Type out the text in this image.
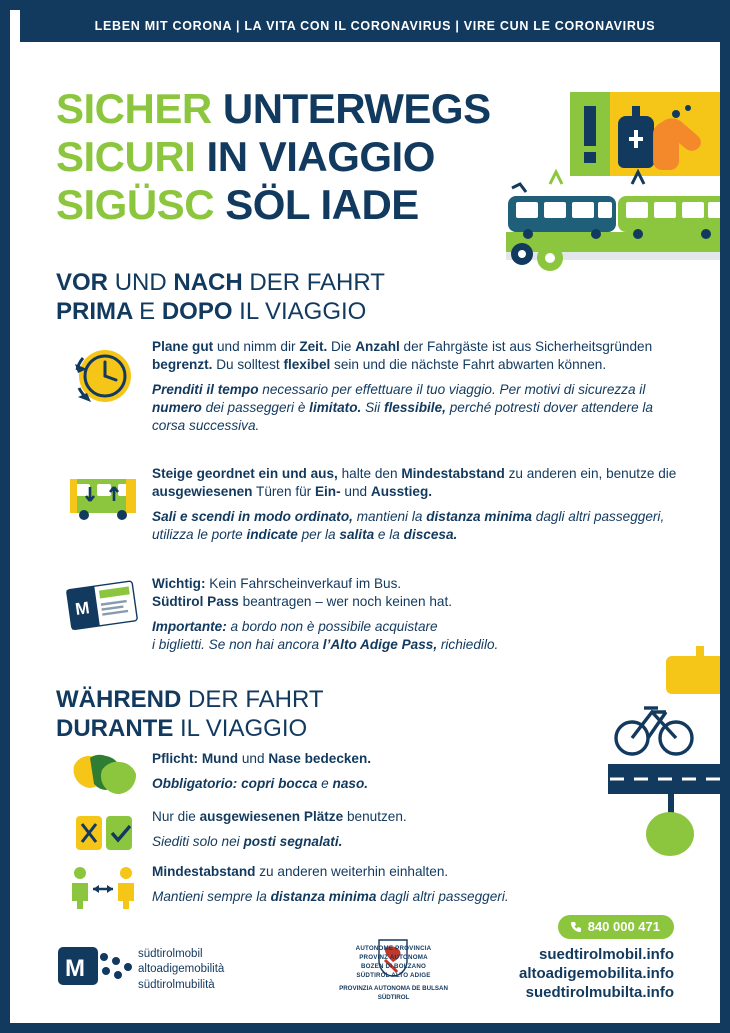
LEBEN MIT CORONA | LA VITA CON IL CORONAVIRUS | VIRE CUN LE CORONAVIRUS
SICHER UNTERWEGS
SICURI IN VIAGGIO
SIGÜSC SÖL IADE
VOR UND NACH DER FAHRT
PRIMA E DOPO IL VIAGGIO

Plane gut und nimm dir Zeit. Die Anzahl der Fahrgäste ist aus Sicherheitsgründen begrenzt. Du solltest flexibel sein und die nächste Fahrt abwarten können.

Prenditi il tempo necessario per effettuare il tuo viaggio. Per motivi di sicurezza il numero dei passeggeri è limitato. Sii flessibile, perché potresti dover attendere la corsa successiva.

Steige geordnet ein und aus, halte den Mindestabstand zu anderen ein, benutze die ausgewiesenen Türen für Ein- und Ausstieg.

Sali e scendi in modo ordinato, mantieni la distanza minima dagli altri passeggeri, utilizza le porte indicate per la salita e la discesa.

M

Wichtig: Kein Fahrscheinverkauf im Bus.
Südtirol Pass beantragen – wer noch keinen hat.

Importante: a bordo non è possibile acquistare
i biglietti. Se non hai ancora l’Alto Adige Pass, richiedilo.

WÄHREND DER FAHRT
DURANTE IL VIAGGIO

Pflicht: Mund und Nase bedecken.

Obbligatorio: copri bocca e naso.

Nur die ausgewiesenen Plätze benutzen.

Siediti solo nei posti segnalati.

Mindestabstand zu anderen weiterhin einhalten.

Mantieni sempre la distanza minima dagli altri passeggeri.

840 000 471
suedtirolmobil.info
altoadigemobilita.info
suedtirolmubilta.info
M
südtirolmobil
altoadigemobilità
südtirolmubilità
AUTONOME PROVINCIA
PROVINZ AUTONOMA
BOZEN DI BOLZANO
SÜDTIROL ALTO ADIGE
PROVINZIA AUTONOMA DE BULSAN
SÜDTIROL
